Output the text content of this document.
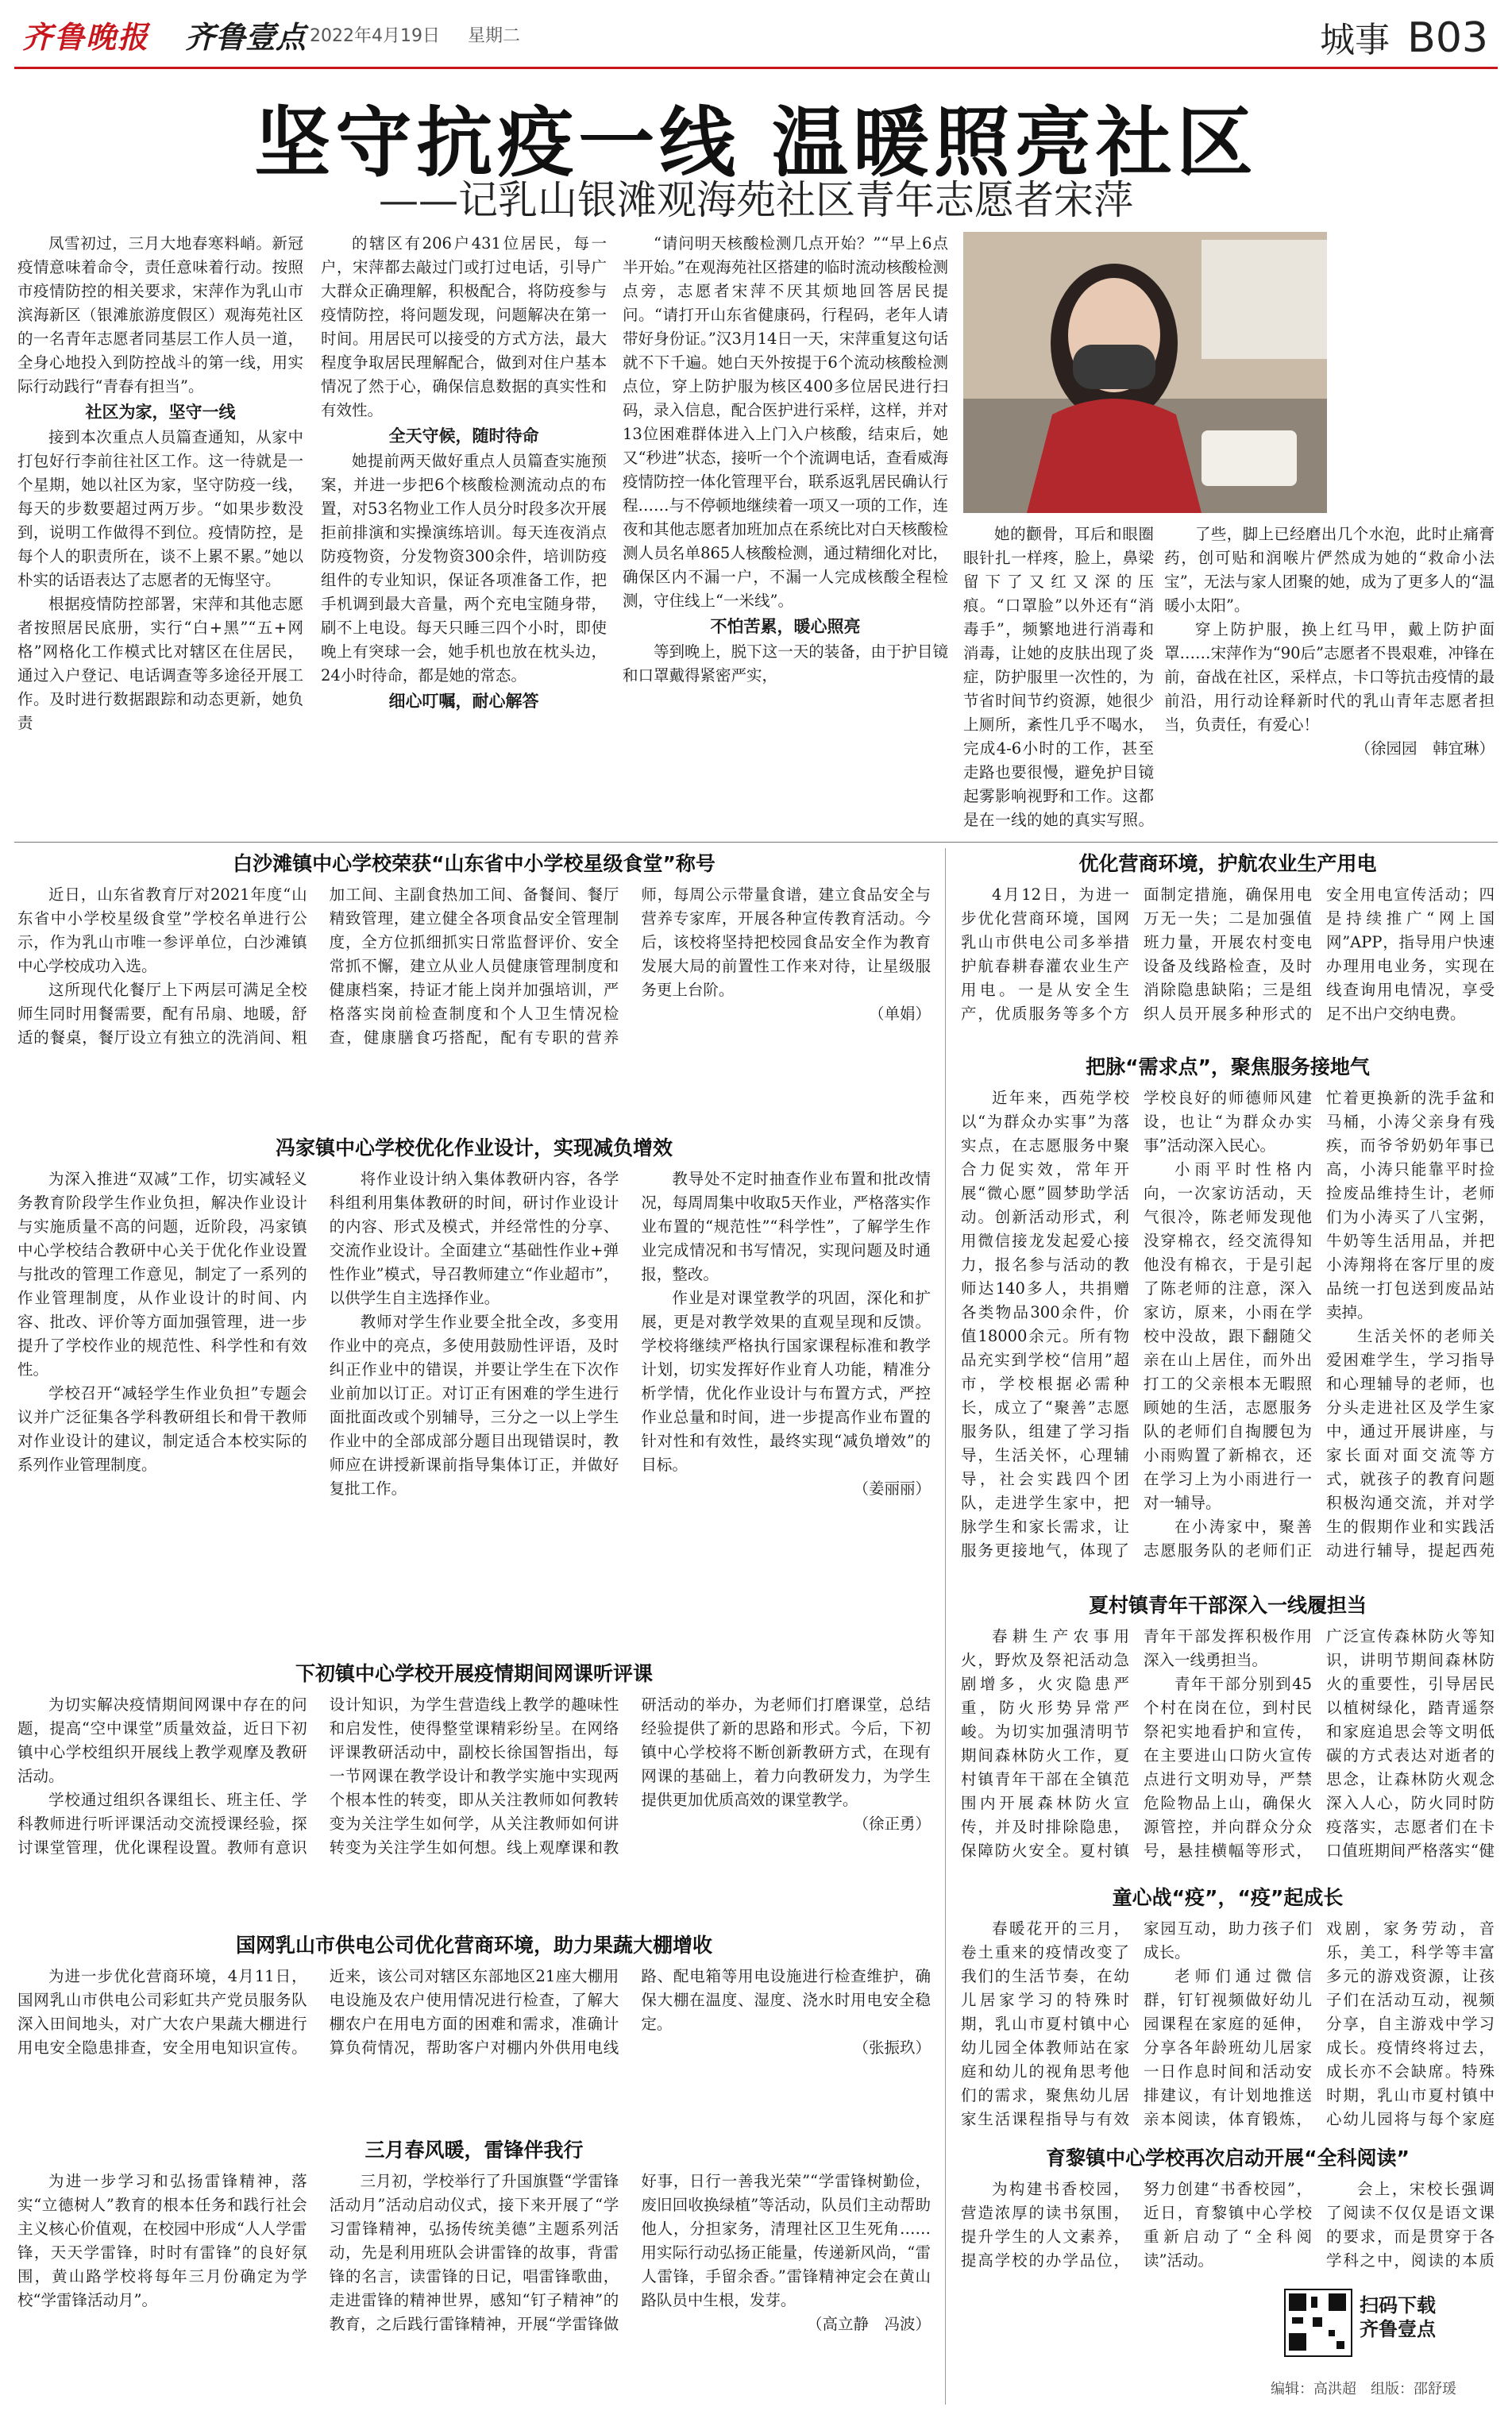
齐鲁晚报 齐鲁壹点 2022年4月19日 星期二	城事 B03
坚守抗疫一线 温暖照亮社区
——记乳山银滩观海苑社区青年志愿者宋萍

凤雪初过，三月大地春寒料峭。新冠疫情意味着命令，责任意味着行动。按照市疫情防控的相关要求，宋萍作为乳山市滨海新区（银滩旅游度假区）观海苑社区的一名青年志愿者同基层工作人员一道，全身心地投入到防控战斗的第一线，用实际行动践行“青春有担当”。

社区为家，坚守一线

接到本次重点人员篇查通知，从家中打包好行李前往社区工作。这一待就是一个星期，她以社区为家，坚守防疫一线，每天的步数要超过两万步。“如果步数没到，说明工作做得不到位。疫情防控，是每个人的职责所在，谈不上累不累。”她以朴实的话语表达了志愿者的无悔坚守。

根据疫情防控部署，宋萍和其他志愿者按照居民底册，实行“白+黑”“五+网格”网格化工作模式比对辖区在住居民，通过入户登记、电话调查等多途径开展工作。及时进行数据跟踪和动态更新，她负责

的辖区有206户431位居民，每一户，宋萍都去敲过门或打过电话，引导广大群众正确理解，积极配合，将防疫参与疫情防控，将问题发现，问题解决在第一时间。用居民可以接受的方式方法，最大程度争取居民理解配合，做到对住户基本情况了然于心，确保信息数据的真实性和有效性。

全天守候，随时待命

她提前两天做好重点人员篇查实施预案，并进一步把6个核酸检测流动点的布置，对53名物业工作人员分时段多次开展拒前排演和实操演练培训。每天连夜消点防疫物资，分发物资300余件，培训防疫组件的专业知识，保证各项准备工作，把手机调到最大音量，两个充电宝随身带，刷不上电设。每天只睡三四个小时，即使晚上有突球一会，她手机也放在枕头边，24小时待命，都是她的常态。

细心叮嘱，耐心解答

“请问明天核酸检测几点开始？”“早上6点半开始。”在观海苑社区搭建的临时流动核酸检测点旁，志愿者宋萍不厌其烦地回答居民提问。“请打开山东省健康码，行程码，老年人请带好身份证。”汉3月14日一天，宋萍重复这句话就不下千遍。她白天外按提于6个流动核酸检测点位，穿上防护服为核区400多位居民进行扫码，录入信息，配合医护进行采样，这样，并对13位困难群体进入上门入户核酸，结束后，她又“秒进”状态，接听一个个流调电话，查看威海疫情防控一体化管理平台，联系返乳居民确认行程……与不停顿地继续着一项又一项的工作，连夜和其他志愿者加班加点在系统比对白天核酸检测人员名单865人核酸检测，通过精细化对比，确保区内不漏一户，不漏一人完成核酸全程检测，守住线上“一米线”。

不怕苦累，暖心照亮

等到晚上，脱下这一天的装备，由于护目镜和口罩戴得紧密严实，

她的颧骨，耳后和眼圈眼针扎一样疼，脸上，鼻梁留下了又红又深的压痕。“口罩脸”以外还有“消毒手”，频繁地进行消毒和消毒，让她的皮肤出现了炎症，防护服里一次性的，为节省时间节约资源，她很少上厕所，紊性几乎不喝水，完成4-6小时的工作，甚至走路也要很慢，避免护目镜起雾影响视野和工作。这都是在一线的她的真实写照。

了些，脚上已经磨出几个水泡，此时止痛膏药，创可贴和润喉片俨然成为她的“救命小法宝”，无法与家人团聚的她，成为了更多人的“温暖小太阳”。

穿上防护服，换上红马甲，戴上防护面罩……宋萍作为“90后”志愿者不畏艰难，冲锋在前，奋战在社区，采样点，卡口等抗击疫情的最前沿，用行动诠释新时代的乳山青年志愿者担当，负责任，有爱心！

（徐园园　韩宜琳）

白沙滩镇中心学校荣获“山东省中小学校星级食堂”称号

近日，山东省教育厅对2021年度“山东省中小学校星级食堂”学校名单进行公示，作为乳山市唯一参评单位，白沙滩镇中心学校成功入选。

这所现代化餐厅上下两层可满足全校师生同时用餐需要，配有吊扇、地暖，舒适的餐桌，餐厅设立有独立的洗消间、粗加工间、主副食热加工间、备餐间、餐厅精致管理，建立健全各项食品安全管理制度，全方位抓细抓实日常监督评价、安全常抓不懈，建立从业人员健康管理制度和健康档案，持证才能上岗并加强培训，严格落实岗前检查制度和个人卫生情况检查，健康膳食巧搭配，配有专职的营养师，每周公示带量食谱，建立食品安全与营养专家库，开展各种宣传教育活动。今后，该校将坚持把校园食品安全作为教育发展大局的前置性工作来对待，让星级服务更上台阶。

（单娟）

冯家镇中心学校优化作业设计，实现减负增效

为深入推进“双减”工作，切实减轻义务教育阶段学生作业负担，解决作业设计与实施质量不高的问题，近阶段，冯家镇中心学校结合教研中心关于优化作业设置与批改的管理工作意见，制定了一系列的作业管理制度，从作业设计的时间、内容、批改、评价等方面加强管理，进一步提升了学校作业的规范性、科学性和有效性。

学校召开“减轻学生作业负担”专题会议并广泛征集各学科教研组长和骨干教师对作业设计的建议，制定适合本校实际的系列作业管理制度。

将作业设计纳入集体教研内容，各学科组利用集体教研的时间，研讨作业设计的内容、形式及模式，并经常性的分享、交流作业设计。全面建立“基础性作业+弹性作业”模式，导召教师建立“作业超市”，以供学生自主选择作业。

教师对学生作业要全批全改，多变用作业中的亮点，多使用鼓励性评语，及时纠正作业中的错误，并要让学生在下次作业前加以订正。对订正有困难的学生进行面批面改或个别辅导，三分之一以上学生作业中的全部成部分题目出现错误时，教师应在讲授新课前指导集体订正，并做好复批工作。

教导处不定时抽查作业布置和批改情况，每周周集中收取5天作业，严格落实作业布置的“规范性”“科学性”，了解学生作业完成情况和书写情况，实现问题及时通报，整改。

作业是对课堂教学的巩固，深化和扩展，更是对教学效果的直观呈现和反馈。学校将继续严格执行国家课程标准和教学计划，切实发挥好作业育人功能，精准分析学情，优化作业设计与布置方式，严控作业总量和时间，进一步提高作业布置的针对性和有效性，最终实现“减负增效”的目标。

（姜丽丽）

下初镇中心学校开展疫情期间网课听评课

为切实解决疫情期间网课中存在的问题，提高“空中课堂”质量效益，近日下初镇中心学校组织开展线上教学观摩及教研活动。

学校通过组织各课组长、班主任、学科教师进行听评课活动交流授课经验，探讨课堂管理，优化课程设置。教师有意识设计知识，为学生营造线上教学的趣味性和启发性，使得整堂课精彩纷呈。在网络评课教研活动中，副校长徐国智指出，每一节网课在教学设计和教学实施中实现两个根本性的转变，即从关注教师如何教转变为关注学生如何学，从关注教师如何讲转变为关注学生如何想。线上观摩课和教研活动的举办，为老师们打磨课堂，总结经验提供了新的思路和形式。今后，下初镇中心学校将不断创新教研方式，在现有网课的基础上，着力向教研发力，为学生提供更加优质高效的课堂教学。

（徐正勇）

国网乳山市供电公司优化营商环境，助力果蔬大棚增收

为进一步优化营商环境，4月11日，国网乳山市供电公司彩虹共产党员服务队深入田间地头，对广大农户果蔬大棚进行用电安全隐患排查，安全用电知识宣传。近来，该公司对辖区东部地区21座大棚用电设施及农户使用情况进行检查，了解大棚农户在用电方面的困难和需求，准确计算负荷情况，帮助客户对棚内外供用电线路、配电箱等用电设施进行检查维护，确保大棚在温度、湿度、浇水时用电安全稳定。

（张振玖）

三月春风暖，雷锋伴我行

为进一步学习和弘扬雷锋精神，落实“立德树人”教育的根本任务和践行社会主义核心价值观，在校园中形成“人人学雷锋，天天学雷锋，时时有雷锋”的良好氛围，黄山路学校将每年三月份确定为学校“学雷锋活动月”。

三月初，学校举行了升国旗暨“学雷锋活动月”活动启动仪式，接下来开展了“学习雷锋精神，弘扬传统美德”主题系列活动，先是利用班队会讲雷锋的故事，背雷锋的名言，读雷锋的日记，唱雷锋歌曲，走进雷锋的精神世界，感知“钉子精神”的教育，之后践行雷锋精神，开展“学雷锋做好事，日行一善我光荣”“学雷锋树勤俭，废旧回收换绿植”等活动，队员们主动帮助他人，分担家务，清理社区卫生死角……用实际行动弘扬正能量，传递新风尚，“雷人雷锋，手留余香。”雷锋精神定会在黄山路队员中生根，发芽。

（高立静　冯波）

优化营商环境，护航农业生产用电

4月12日，为进一步优化营商环境，国网乳山市供电公司多举措护航春耕春灌农业生产用电。一是从安全生产，优质服务等多个方面制定措施，确保用电万无一失；二是加强值班力量，开展农村变电设备及线路检查，及时消除隐患缺陷；三是组织人员开展多种形式的安全用电宣传活动；四是持续推广“网上国网”APP，指导用户快速办理用电业务，实现在线查询用电情况，享受足不出户交纳电费。

把脉“需求点”，聚焦服务接地气

近年来，西苑学校以“为群众办实事”为落实点，在志愿服务中聚合力促实效，常年开展“微心愿”圆梦助学活动。创新活动形式，利用微信接龙发起爱心接力，报名参与活动的教师达140多人，共捐赠各类物品300余件，价值18000余元。所有物品充实到学校“信用”超市，学校根据必需种长，成立了“聚善”志愿服务队，组建了学习指导，生活关怀，心理辅导，社会实践四个团队，走进学生家中，把脉学生和家长需求，让服务更接地气，体现了学校良好的师德师风建设，也让“为群众办实事”活动深入民心。

小雨平时性格内向，一次家访活动，天气很冷，陈老师发现他没穿棉衣，经交流得知他没有棉衣，于是引起了陈老师的注意，深入家访，原来，小雨在学校中没故，跟下翻随父亲在山上居住，而外出打工的父亲根本无暇照顾她的生活，志愿服务队的老师们自掏腰包为小雨购置了新棉衣，还在学习上为小雨进行一对一辅导。

在小涛家中，聚善志愿服务队的老师们正忙着更换新的洗手盆和马桶，小涛父亲身有残疾，而爷爷奶奶年事已高，小涛只能靠平时捡捡废品维持生计，老师们为小涛买了八宝粥，牛奶等生活用品，并把小涛翔将在客厅里的废品统一打包送到废品站卖掉。

生活关怀的老师关爱困难学生，学习指导和心理辅导的老师，也分头走进社区及学生家中，通过开展讲座，与家长面对面交流等方式，就孩子的教育问题积极沟通交流，并对学生的假期作业和实践活动进行辅导，提起西苑

夏村镇青年干部深入一线履担当

春耕生产农事用火，野炊及祭祀活动急剧增多，火灾隐患严重，防火形势异常严峻。为切实加强清明节期间森林防火工作，夏村镇青年干部在全镇范围内开展森林防火宣传，并及时排除隐患，保障防火安全。夏村镇青年干部发挥积极作用深入一线勇担当。

青年干部分别到45个村在岗在位，到村民祭祀实地看护和宣传，在主要进山口防火宣传点进行文明劝导，严禁危险物品上山，确保火源管控，并向群众分众号，悬挂横幅等形式，广泛宣传森林防火等知识，讲明节期间森林防火的重要性，引导居民以植树绿化，踏青遥祭和家庭追思会等文明低碳的方式表达对逝者的思念，让森林防火观念深入人心，防火同时防疫落实，志愿者们在卡口值班期间严格落实“健

童心战“疫”，“疫”起成长

春暖花开的三月，卷土重来的疫情改变了我们的生活节奏，在幼儿居家学习的特殊时期，乳山市夏村镇中心幼儿园全体教师站在家庭和幼儿的视角思考他们的需求，聚焦幼儿居家生活课程指导与有效家园互动，助力孩子们成长。

老师们通过微信群，钉钉视频做好幼儿园课程在家庭的延伸，分享各年龄班幼儿居家一日作息时间和活动安排建议，有计划地推送亲本阅读，体育锻炼，戏剧，家务劳动，音乐，美工，科学等丰富多元的游戏资源，让孩子们在活动互动，视频分享，自主游戏中学习成长。疫情终将过去，成长亦不会缺席。特殊时期，乳山市夏村镇中心幼儿园将与每个家庭

育黎镇中心学校再次启动开展“全科阅读”

为构建书香校园，营造浓厚的读书氛围，提升学生的人文素养，提高学校的办学品位，努力创建“书香校园”，近日，育黎镇中心学校重新启动了“全科阅读”活动。

会上，宋校长强调了阅读不仅仅是语文课的要求，而是贯穿于各学科之中，阅读的本质

扫码下载
齐鲁壹点
编辑：高洪超　组版：邵舒瑗
